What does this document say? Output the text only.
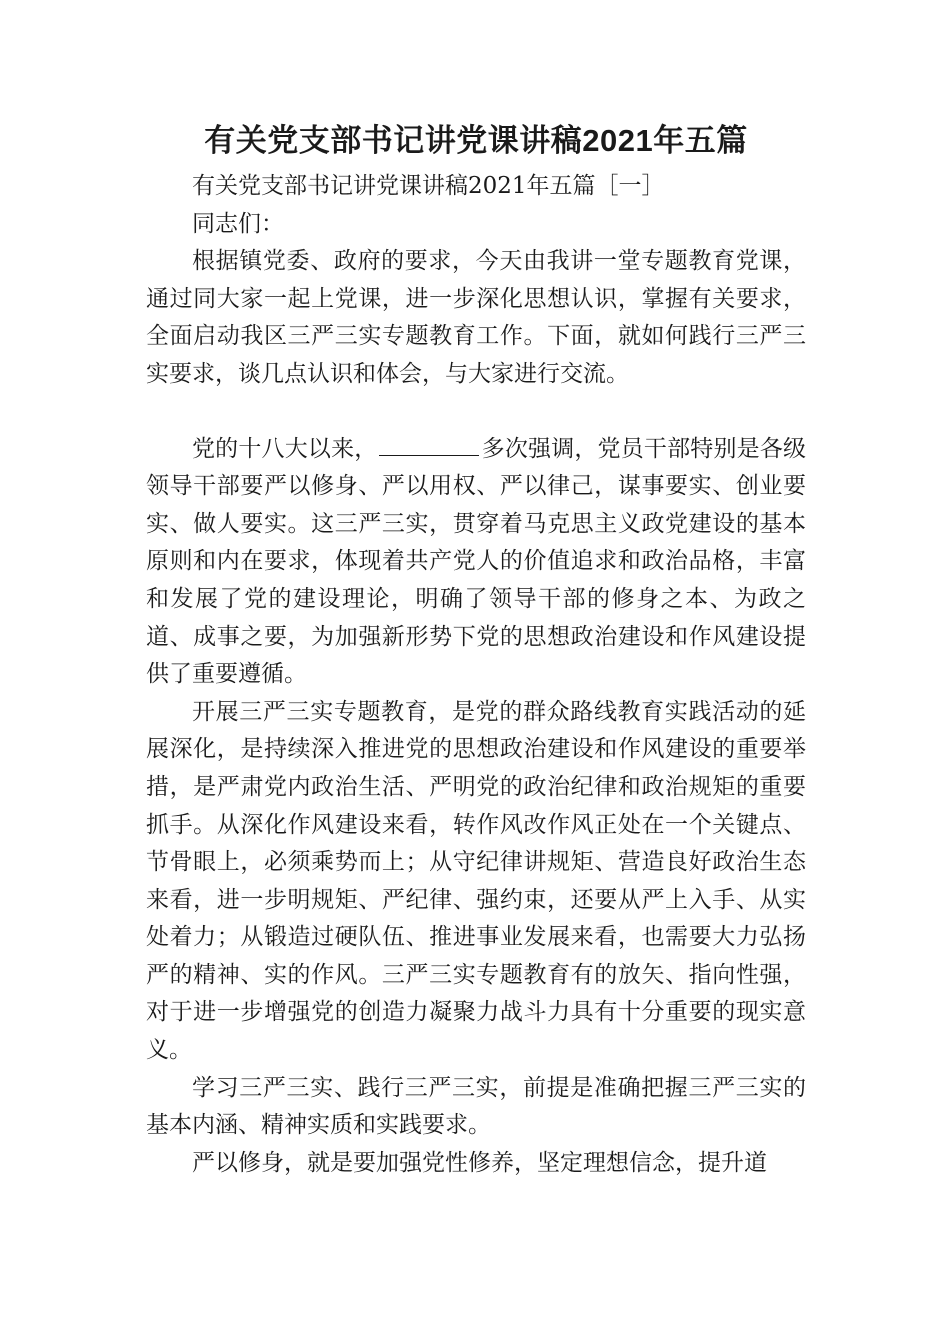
有关党支部书记讲党课讲稿2021年五篇

有关党支部书记讲党课讲稿2021年五篇［一］

同志们：

根据镇党委、政府的要求，今天由我讲一堂专题教育党课，通过同大家一起上党课，进一步深化思想认识，掌握有关要求，全面启动我区三严三实专题教育工作。下面，就如何践行三严三实要求，谈几点认识和体会，与大家进行交流。

党的十八大以来，	多次强调，党员干部特别是各级领导干部要严以修身、严以用权、严以律己，谋事要实、创业要实、做人要实。这三严三实，贯穿着马克思主义政党建设的基本原则和内在要求，体现着共产党人的价值追求和政治品格，丰富和发展了党的建设理论，明确了领导干部的修身之本、为政之道、成事之要，为加强新形势下党的思想政治建设和作风建设提供了重要遵循。

开展三严三实专题教育，是党的群众路线教育实践活动的延展深化，是持续深入推进党的思想政治建设和作风建设的重要举措，是严肃党内政治生活、严明党的政治纪律和政治规矩的重要抓手。从深化作风建设来看，转作风改作风正处在一个关键点、节骨眼上，必须乘势而上；从守纪律讲规矩、营造良好政治生态来看，进一步明规矩、严纪律、强约束，还要从严上入手、从实处着力；从锻造过硬队伍、推进事业发展来看，也需要大力弘扬严的精神、实的作风。三严三实专题教育有的放矢、指向性强，对于进一步增强党的创造力凝聚力战斗力具有十分重要的现实意义。

学习三严三实、践行三严三实，前提是准确把握三严三实的基本内涵、精神实质和实践要求。

严以修身，就是要加强党性修养，坚定理想信念，提升道
